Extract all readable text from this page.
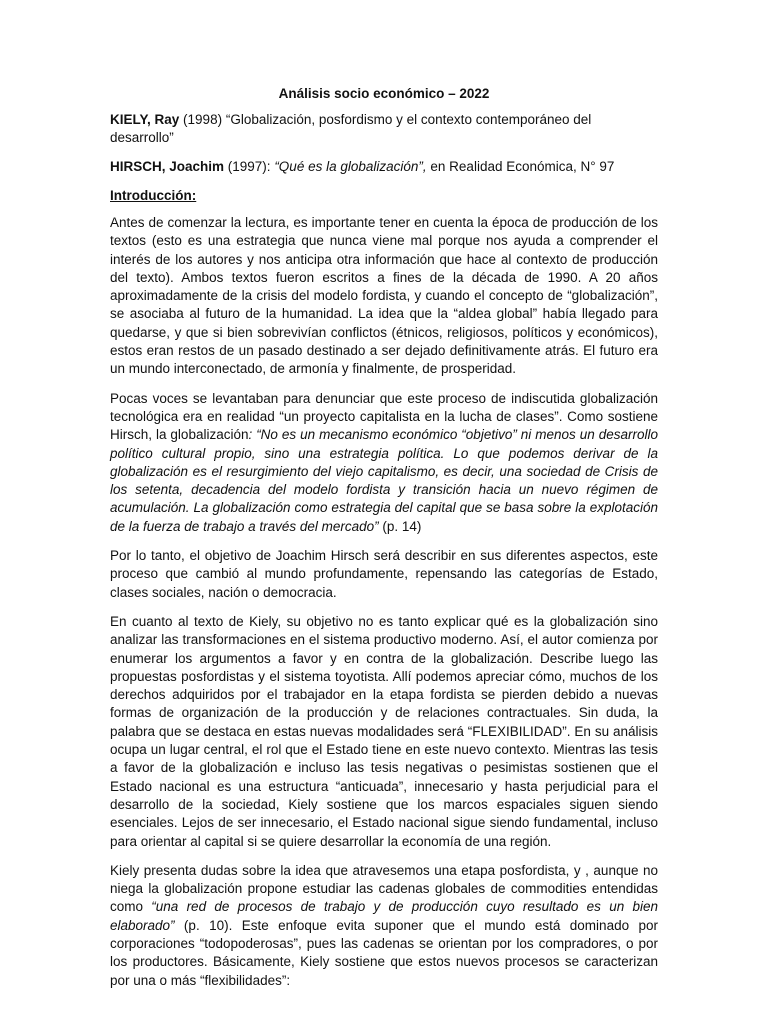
Análisis socio económico – 2022

KIELY, Ray (1998) “Globalización, posfordismo y el contexto contemporáneo del desarrollo”

HIRSCH, Joachim (1997): “Qué es la globalización”, en Realidad Económica, N° 97

Introducción:

Antes de comenzar la lectura, es importante tener en cuenta la época de producción de los textos (esto es una estrategia que nunca viene mal porque nos ayuda a comprender el interés de los autores y nos anticipa otra información que hace al contexto de producción del texto). Ambos textos fueron escritos a fines de la década de 1990. A 20 años aproximadamente de la crisis del modelo fordista, y cuando el concepto de “globalización”, se asociaba al futuro de la humanidad. La idea que la “aldea global” había llegado para quedarse, y que si bien sobrevivían conflictos (étnicos, religiosos, políticos y económicos), estos eran restos de un pasado destinado a ser dejado definitivamente atrás. El futuro era un mundo interconectado, de armonía y finalmente, de prosperidad.

Pocas voces se levantaban para denunciar que este proceso de indiscutida globalización tecnológica era en realidad “un proyecto capitalista en la lucha de clases”. Como sostiene Hirsch, la globalización: “No es un mecanismo económico “objetivo” ni menos un desarrollo político cultural propio, sino una estrategia política. Lo que podemos derivar de la globalización es el resurgimiento del viejo capitalismo, es decir, una sociedad de Crisis de los setenta, decadencia del modelo fordista y transición hacia un nuevo régimen de acumulación. La globalización como estrategia del capital que se basa sobre la explotación de la fuerza de trabajo a través del mercado” (p. 14)

Por lo tanto, el objetivo de Joachim Hirsch será describir en sus diferentes aspectos, este proceso que cambió al mundo profundamente, repensando las categorías de Estado, clases sociales, nación o democracia.

En cuanto al texto de Kiely, su objetivo no es tanto explicar qué es la globalización sino analizar las transformaciones en el sistema productivo moderno. Así, el autor comienza por enumerar los argumentos a favor y en contra de la globalización. Describe luego las propuestas posfordistas y el sistema toyotista. Allí podemos apreciar cómo, muchos de los derechos adquiridos por el trabajador en la etapa fordista se pierden debido a nuevas formas de organización de la producción y de relaciones contractuales. Sin duda, la palabra que se destaca en estas nuevas modalidades será “FLEXIBILIDAD”. En su análisis ocupa un lugar central, el rol que el Estado tiene en este nuevo contexto. Mientras las tesis a favor de la globalización e incluso las tesis negativas o pesimistas sostienen que el Estado nacional es una estructura “anticuada”, innecesario y hasta perjudicial para el desarrollo de la sociedad, Kiely sostiene que los marcos espaciales siguen siendo esenciales. Lejos de ser innecesario, el Estado nacional sigue siendo fundamental, incluso para orientar al capital si se quiere desarrollar la economía de una región.

Kiely presenta dudas sobre la idea que atravesemos una etapa posfordista, y , aunque no niega la globalización propone estudiar las cadenas globales de commodities entendidas como “una red de procesos de trabajo y de producción cuyo resultado es un bien elaborado” (p. 10). Este enfoque evita suponer que el mundo está dominado por corporaciones “todopoderosas”, pues las cadenas se orientan por los compradores, o por los productores. Básicamente, Kiely sostiene que estos nuevos procesos se caracterizan por una o más “flexibilidades”:
